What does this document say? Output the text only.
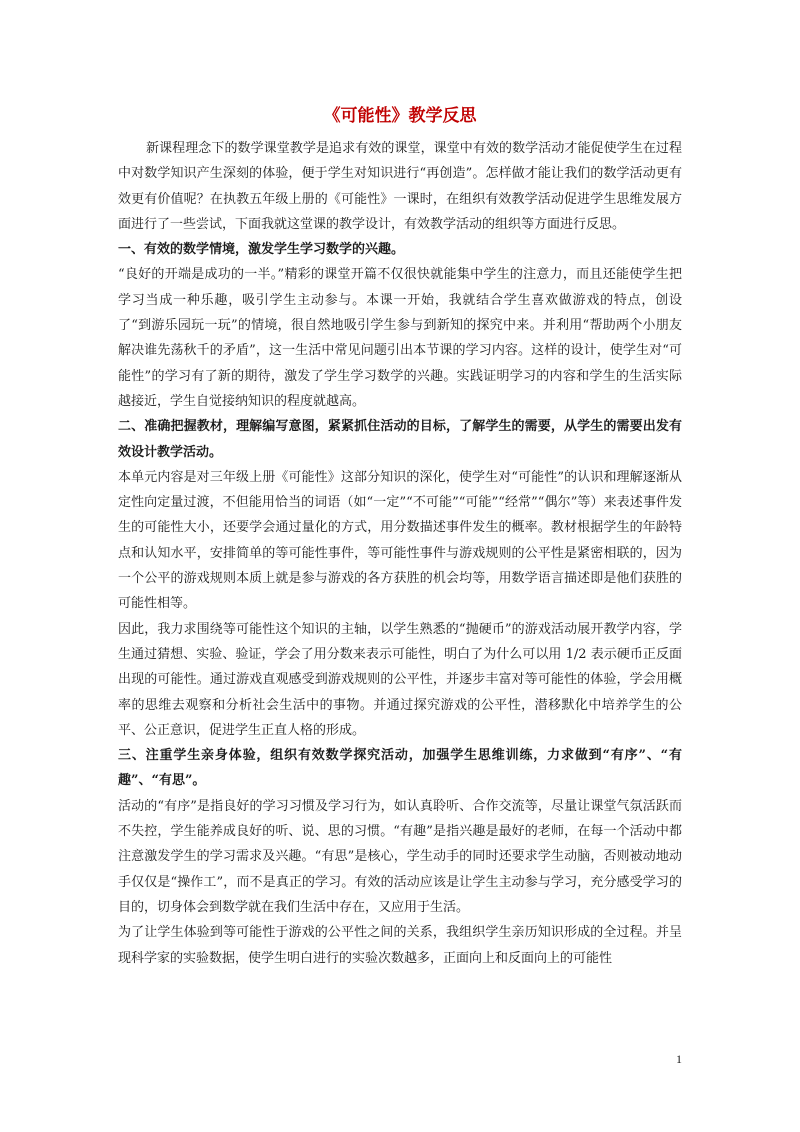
《可能性》教学反思

新课程理念下的数学课堂教学是追求有效的课堂，课堂中有效的数学活动才能促使学生在过程中对数学知识产生深刻的体验，便于学生对知识进行“再创造”。怎样做才能让我们的数学活动更有效更有价值呢？在执教五年级上册的《可能性》一课时，在组织有效教学活动促进学生思维发展方面进行了一些尝试，下面我就这堂课的教学设计，有效教学活动的组织等方面进行反思。

一、有效的数学情境，激发学生学习数学的兴趣。

“良好的开端是成功的一半。”精彩的课堂开篇不仅很快就能集中学生的注意力，而且还能使学生把学习当成一种乐趣，吸引学生主动参与。本课一开始，我就结合学生喜欢做游戏的特点，创设了“到游乐园玩一玩”的情境，很自然地吸引学生参与到新知的探究中来。并利用“帮助两个小朋友解决谁先荡秋千的矛盾”，这一生活中常见问题引出本节课的学习内容。这样的设计，使学生对“可能性”的学习有了新的期待，激发了学生学习数学的兴趣。实践证明学习的内容和学生的生活实际越接近，学生自觉接纳知识的程度就越高。

二、准确把握教材，理解编写意图，紧紧抓住活动的目标，了解学生的需要，从学生的需要出发有效设计教学活动。

本单元内容是对三年级上册《可能性》这部分知识的深化，使学生对“可能性”的认识和理解逐渐从定性向定量过渡，不但能用恰当的词语（如“一定”“不可能”“可能”“经常”“偶尔”等）来表述事件发生的可能性大小，还要学会通过量化的方式，用分数描述事件发生的概率。教材根据学生的年龄特点和认知水平，安排简单的等可能性事件，等可能性事件与游戏规则的公平性是紧密相联的，因为一个公平的游戏规则本质上就是参与游戏的各方获胜的机会均等，用数学语言描述即是他们获胜的可能性相等。

因此，我力求围绕等可能性这个知识的主轴，以学生熟悉的“抛硬币”的游戏活动展开教学内容，学生通过猜想、实验、验证，学会了用分数来表示可能性，明白了为什么可以用 1/2 表示硬币正反面出现的可能性。通过游戏直观感受到游戏规则的公平性，并逐步丰富对等可能性的体验，学会用概率的思维去观察和分析社会生活中的事物。并通过探究游戏的公平性，潜移默化中培养学生的公平、公正意识，促进学生正直人格的形成。

三、注重学生亲身体验，组织有效数学探究活动，加强学生思维训练，力求做到“有序”、“有趣”、“有思”。

活动的“有序”是指良好的学习习惯及学习行为，如认真聆听、合作交流等，尽量让课堂气氛活跃而不失控，学生能养成良好的听、说、思的习惯。“有趣”是指兴趣是最好的老师，在每一个活动中都注意激发学生的学习需求及兴趣。“有思”是核心，学生动手的同时还要求学生动脑，否则被动地动手仅仅是“操作工”，而不是真正的学习。有效的活动应该是让学生主动参与学习，充分感受学习的目的，切身体会到数学就在我们生活中存在，又应用于生活。

为了让学生体验到等可能性于游戏的公平性之间的关系，我组织学生亲历知识形成的全过程。并呈现科学家的实验数据，使学生明白进行的实验次数越多，正面向上和反面向上的可能性

1
